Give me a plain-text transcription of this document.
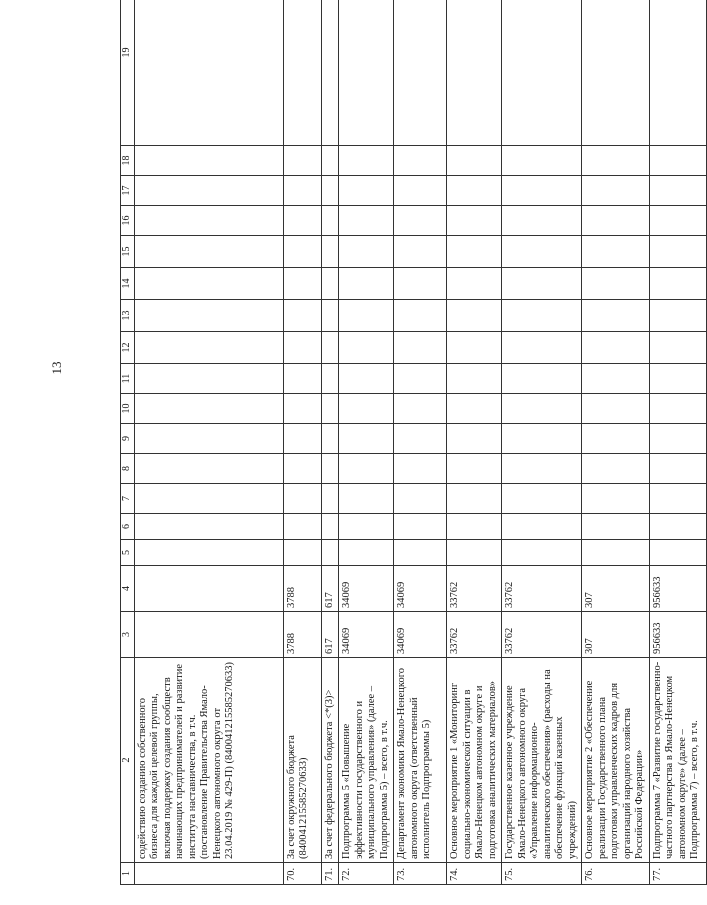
13
1	2	3	4	5	6	7	8	9	10	11	12	13	14	15	16	17	18	19
	содействию созданию собственного бизнеса для каждой целевой группы, включая поддержку создания сообществ начинающих предпринимателей и развитие института наставничества, в т.ч. (постановление Правительства Ямало-Ненецкого автономного округа от 23.04.2019 № 429-П) (840041215585270633)																	
70.	За счет окружного бюджета (840041215585270633)	3788	3788															
71.	За счет федерального бюджета <*(3)>	617	617															
72.	Подпрограмма 5 «Повышение эффективности государственного и муниципального управления» (далее – Подпрограмма 5) – всего, в т.ч.	34069	34069															
73.	Департамент экономики Ямало-Ненецкого автономного округа (ответственный исполнитель Подпрограммы 5)	34069	34069															
74.	Основное мероприятие 1 «Мониторинг социально-экономической ситуации в Ямало-Ненецком автономном округе и подготовка аналитических материалов»	33762	33762															
75.	Государственное казенное учреждение Ямало-Ненецкого автономного округа «Управление информационно-аналитического обеспечения» (расходы на обеспечение функций казенных учреждений)	33762	33762															
76.	Основное мероприятие 2 «Обеспечение реализации Государственного плана подготовки управленческих кадров для организаций народного хозяйства Российской Федерации»	307	307															
77.	Подпрограмма 7 «Развитие государственно-частного партнерства в Ямало-Ненецком автономном округе» (далее – Подпрограмма 7) – всего, в т.ч.	956633	956633															
